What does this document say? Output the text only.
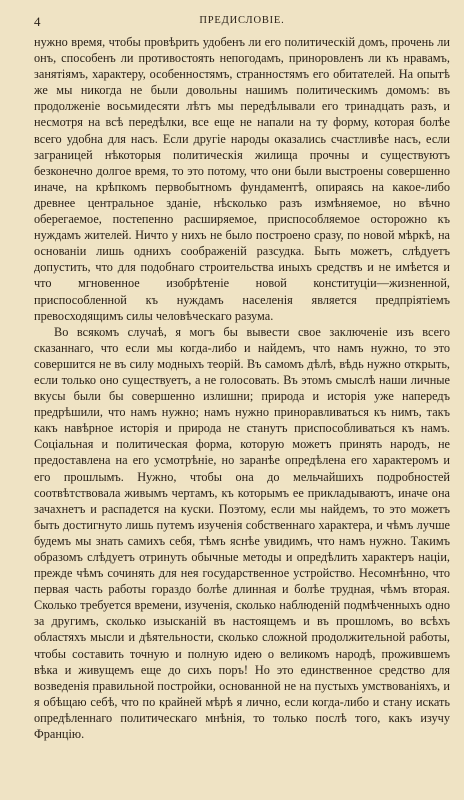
4	ПРЕДИСЛОВІЕ.

нужно время, чтобы провѣрить удобенъ ли его политическій домъ, прочень ли онъ, способенъ ли противостоять непогодамъ, приноровленъ ли къ нравамъ, занятіямъ, характеру, особенностямъ, странностямъ его обитателей. На опытѣ же мы никогда не были довольны нашимъ политическимъ домомъ: въ продолженіе восьмидесяти лѣтъ мы передѣлывали его тринадцать разъ, и несмотря на всѣ передѣлки, все еще не напали на ту форму, которая болѣе всего удобна для насъ. Если другіе народы оказались счастливѣе насъ, если заграницей нѣкоторыя политическія жилища прочны и существуютъ безконечно долгое время, то это потому, что они были выстроены совершенно иначе, на крѣпкомъ первобытномъ фундаментѣ, опираясь на какое-либо древнее центральное зданіе, нѣсколько разъ измѣняемое, но вѣчно оберегаемое, постепенно расширяемое, приспособляемое осторожно къ нуждамъ жителей. Ничто у нихъ не было построено сразу, по новой мѣркѣ, на основаніи лишь однихъ соображеній разсудка. Быть можетъ, слѣдуетъ допустить, что для подобнаго строительства иныхъ средствъ и не имѣется и что мгновенное изобрѣтеніе новой конституціи—жизненной, приспособленной къ нуждамъ населенія является предпріятіемъ превосходящимъ силы человѣческаго разума.

Во всякомъ случаѣ, я могъ бы вывести свое заключеніе изъ всего сказаннаго, что если мы когда-либо и найдемъ, что намъ нужно, то это совершится не въ силу модныхъ теорій. Въ самомъ дѣлѣ, вѣдь нужно открыть, если только оно существуетъ, а не голосовать. Въ этомъ смыслѣ наши личные вкусы были бы совершенно излишни; природа и исторія уже напередъ предрѣшили, что намъ нужно; намъ нужно приноравливаться къ нимъ, такъ какъ навѣрное исторія и природа не станутъ приспособливаться къ намъ. Соціальная и политическая форма, которую можетъ принять народъ, не предоставлена на его усмотрѣніе, но заранѣе опредѣлена его характеромъ и его прошлымъ. Нужно, чтобы она до мельчайшихъ подробностей соотвѣтствовала живымъ чертамъ, къ которымъ ее прикладываютъ, иначе она зачахнетъ и распадется на куски. Поэтому, если мы найдемъ, то это можетъ быть достигнуто лишь путемъ изученія собственнаго характера, и чѣмъ лучше будемъ мы знать самихъ себя, тѣмъ яснѣе увидимъ, что намъ нужно. Такимъ образомъ слѣдуетъ отринуть обычные методы и опредѣлить характеръ націи, прежде чѣмъ сочинять для нея государственное устройство. Несомнѣнно, что первая часть работы гораздо болѣе длинная и болѣе трудная, чѣмъ вторая. Сколько требуется времени, изученія, сколько наблюденій подмѣченныхъ одно за другимъ, сколько изысканій въ настоящемъ и въ прошломъ, во всѣхъ областяхъ мысли и дѣятельности, сколько сложной продолжительной работы, чтобы составить точную и полную идею о великомъ народѣ, прожившемъ вѣка и живущемъ еще до сихъ поръ! Но это единственное средство для возведенія правильной постройки, основанной не на пустыхъ умствованіяхъ, и я обѣщаю себѣ, что по крайней мѣрѣ я лично, если когда-либо и стану искать опредѣленнаго политическаго мнѣнія, то только послѣ того, какъ изучу Францію.
